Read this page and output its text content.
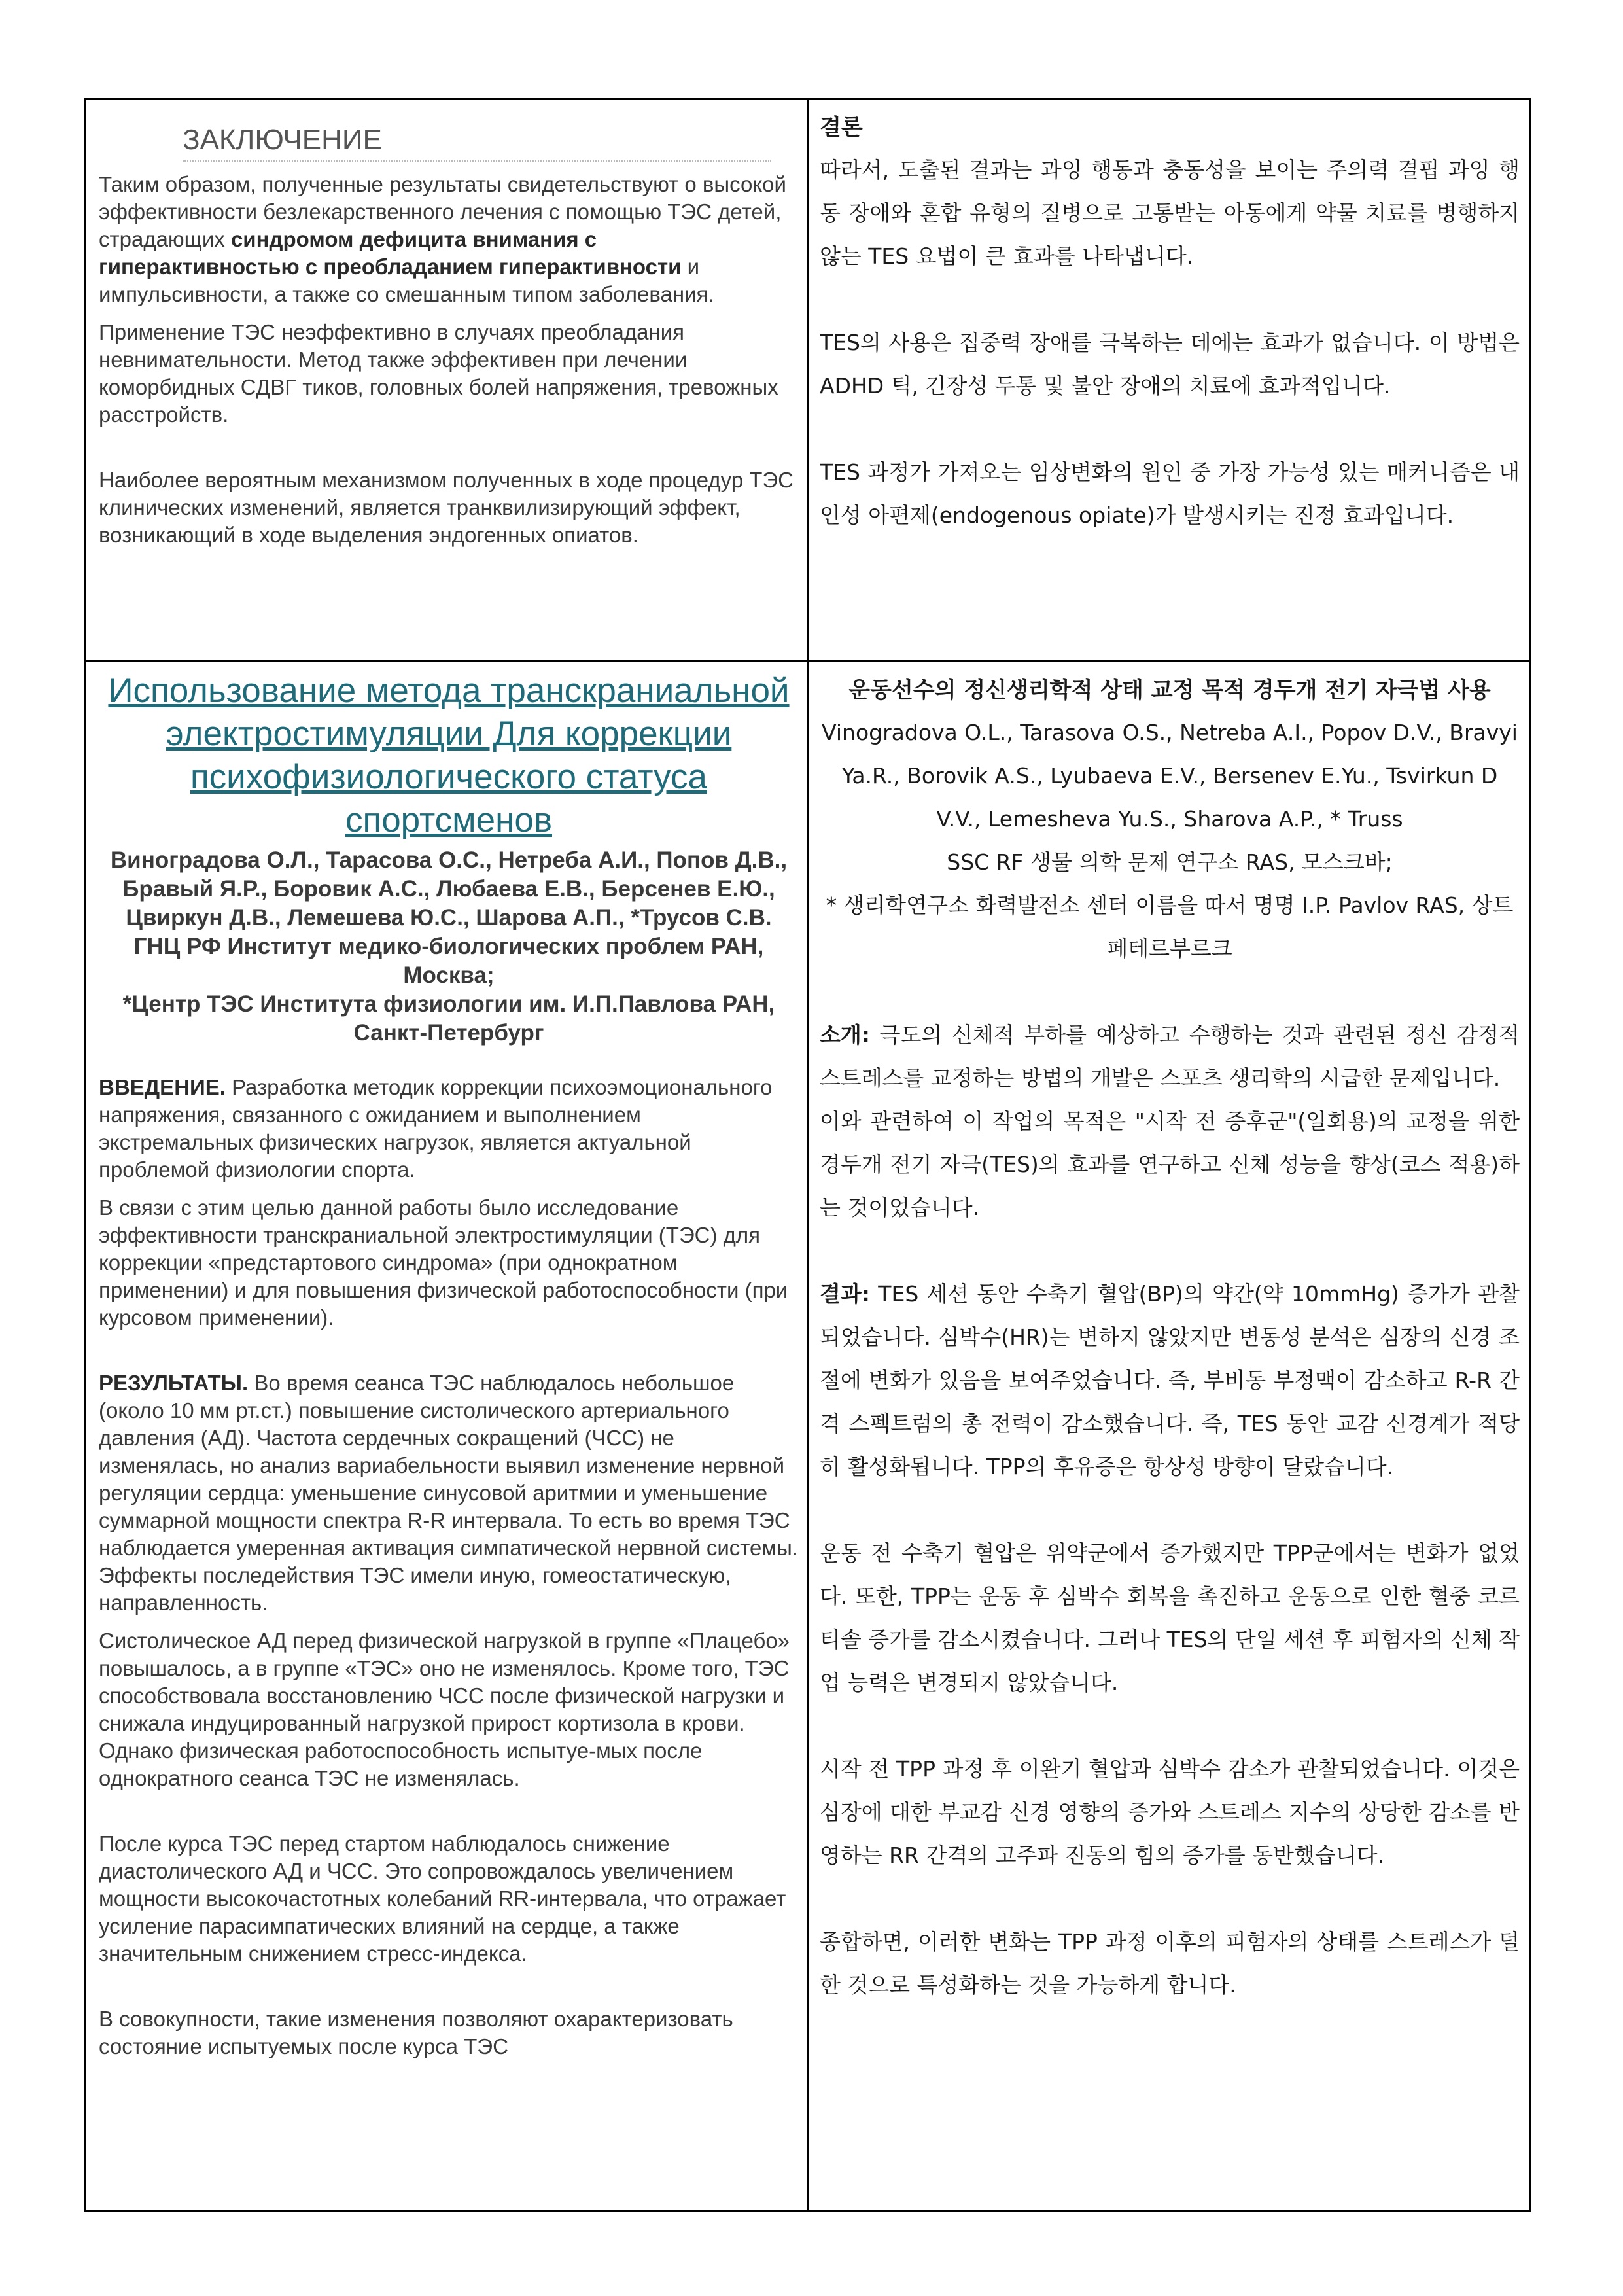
ЗАКЛЮЧЕНИЕ

Таким образом, полученные результаты свидетельствуют о высокой эффективности безлекарственного лечения с помощью ТЭС детей, страдающих синдромом дефицита внимания с гиперактивностью с преобладанием гиперактивности и импульсивности, а также со смешанным типом заболевания.

Применение ТЭС неэффективно в случаях преобладания невнимательности. Метод также эффективен при лечении коморбидных СДВГ тиков, головных болей напряжения, тревожных расстройств.

Наиболее вероятным механизмом полученных в ходе процедур ТЭС клинических изменений, является транквилизирующий эффект, возникающий в ходе выделения эндогенных опиатов.

결론

따라서, 도출된 결과는 과잉 행동과 충동성을 보이는 주의력 결핍 과잉 행동 장애와 혼합 유형의 질병으로 고통받는 아동에게 약물 치료를 병행하지 않는 TES 요법이 큰 효과를 나타냅니다.

TES의 사용은 집중력 장애를 극복하는 데에는 효과가 없습니다. 이 방법은 ADHD 틱, 긴장성 두통 및 불안 장애의 치료에 효과적입니다.

TES 과정가 가져오는 임상변화의 원인 중 가장 가능성 있는 매커니즘은 내인성 아편제(endogenous opiate)가 발생시키는 진정 효과입니다.

Использование метода транскраниальной электростимуляции Для коррекции психофизиологического статуса спортсменов
Виноградова О.Л., Тарасова О.С., Нетреба А.И., Попов Д.В., Бравый Я.Р., Боровик А.С., Любаева Е.В., Берсенев Е.Ю., Цвиркун Д.В., Лемешева Ю.С., Шарова А.П., *Трусов С.В.
ГНЦ РФ Институт медико-биологических проблем РАН, Москва;
*Центр ТЭС Института физиологии им. И.П.Павлова РАН, Санкт-Петербург

ВВЕДЕНИЕ. Разработка методик коррекции психоэмоционального напряжения, связанного с ожиданием и выполнением экстремальных физических нагрузок, является актуальной проблемой физиологии спорта.

В связи с этим целью данной работы было исследование эффективности транскраниальной электростимуляции (ТЭС) для коррекции «предстартового синдрома» (при однократном применении) и для повышения физической работоспособности (при курсовом применении).

РЕЗУЛЬТАТЫ. Во время сеанса ТЭС наблюдалось небольшое (около 10 мм рт.ст.) повышение систолического артериального давления (АД). Частота сердечных сокращений (ЧСС) не изменялась, но анализ вариабельности выявил изменение нервной регуляции сердца: уменьшение синусовой аритмии и уменьшение суммарной мощности спектра R-R интервала. То есть во время ТЭС наблюдается умеренная активация симпатической нервной системы. Эффекты последействия ТЭС имели иную, гомеостатическую, направленность.

Систолическое АД перед физической нагрузкой в группе «Плацебо» повышалось, а в группе «ТЭС» оно не изменялось. Кроме того, ТЭС способствовала восстановлению ЧСС после физической нагрузки и снижала индуцированный нагрузкой прирост кортизола в крови. Однако физическая работоспособность испытуе-мых после однократного сеанса ТЭС не изменялась.

После курса ТЭС перед стартом наблюдалось снижение диастолического АД и ЧСС. Это сопровождалось увеличением мощности высокочастотных колебаний RR-интервала, что отражает усиление парасимпатических влияний на сердце, а также значительным снижением стресс-индекса.

В совокупности, такие изменения позволяют охарактеризовать состояние испытуемых после курса ТЭС

운동선수의 정신생리학적 상태 교정 목적 경두개 전기 자극법 사용
Vinogradova O.L., Tarasova O.S., Netreba A.I., Popov D.V., Bravyi Ya.R., Borovik A.S., Lyubaeva E.V., Bersenev E.Yu., Tsvirkun D V.V., Lemesheva Yu.S., Sharova A.P., * Truss
SSC RF 생물 의학 문제 연구소 RAS, 모스크바;
* 생리학연구소 화력발전소 센터 이름을 따서 명명 I.P. Pavlov RAS, 상트페테르부르크

소개: 극도의 신체적 부하를 예상하고 수행하는 것과 관련된 정신 감정적 스트레스를 교정하는 방법의 개발은 스포츠 생리학의 시급한 문제입니다.

이와 관련하여 이 작업의 목적은 "시작 전 증후군"(일회용)의 교정을 위한 경두개 전기 자극(TES)의 효과를 연구하고 신체 성능을 향상(코스 적용)하는 것이었습니다.

결과: TES 세션 동안 수축기 혈압(BP)의 약간(약 10mmHg) 증가가 관찰되었습니다. 심박수(HR)는 변하지 않았지만 변동성 분석은 심장의 신경 조절에 변화가 있음을 보여주었습니다. 즉, 부비동 부정맥이 감소하고 R-R 간격 스펙트럼의 총 전력이 감소했습니다. 즉, TES 동안 교감 신경계가 적당히 활성화됩니다. TPP의 후유증은 항상성 방향이 달랐습니다.

운동 전 수축기 혈압은 위약군에서 증가했지만 TPP군에서는 변화가 없었다. 또한, TPP는 운동 후 심박수 회복을 촉진하고 운동으로 인한 혈중 코르티솔 증가를 감소시켰습니다. 그러나 TES의 단일 세션 후 피험자의 신체 작업 능력은 변경되지 않았습니다.

시작 전 TPP 과정 후 이완기 혈압과 심박수 감소가 관찰되었습니다. 이것은 심장에 대한 부교감 신경 영향의 증가와 스트레스 지수의 상당한 감소를 반영하는 RR 간격의 고주파 진동의 힘의 증가를 동반했습니다.

종합하면, 이러한 변화는 TPP 과정 이후의 피험자의 상태를 스트레스가 덜한 것으로 특성화하는 것을 가능하게 합니다.
